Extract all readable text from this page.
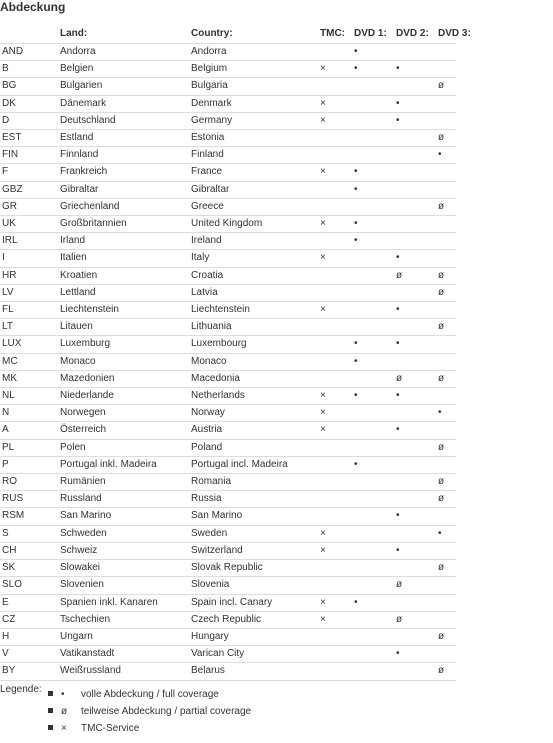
Abdeckung
	Land:	Country:	TMC:	DVD 1:	DVD 2:	DVD 3:
AND	Andorra	Andorra		•		
B	Belgien	Belgium	×	•	•	
BG	Bulgarien	Bulgaria				ø
DK	Dänemark	Denmark	×		•	
D	Deutschland	Germany	×		•	
EST	Estland	Estonia				ø
FIN	Finnland	Finland				•
F	Frankreich	France	×	•		
GBZ	Gibraltar	Gibraltar		•		
GR	Griechenland	Greece				ø
UK	Großbritannien	United Kingdom	×	•		
IRL	Irland	Ireland		•		
I	Italien	Italy	×		•	
HR	Kroatien	Croatia			ø	ø
LV	Lettland	Latvia				ø
FL	Liechtenstein	Liechtenstein	×		•	
LT	Litauen	Lithuania				ø
LUX	Luxemburg	Luxembourg		•	•	
MC	Monaco	Monaco		•		
MK	Mazedonien	Macedonia			ø	ø
NL	Niederlande	Netherlands	×	•	•	
N	Norwegen	Norway	×			•
A	Österreich	Austria	×		•	
PL	Polen	Poland				ø
P	Portugal inkl. Madeira	Portugal incl. Madeira		•		
RO	Rumänien	Romania				ø
RUS	Russland	Russia				ø
RSM	San Marino	San Marino			•	
S	Schweden	Sweden	×			•
CH	Schweiz	Switzerland	×		•	
SK	Slowakei	Slovak Republic				ø
SLO	Slovenien	Slovenia			ø	
E	Spanien inkl. Kanaren	Spain incl. Canary	×	•		
CZ	Tschechien	Czech Republic	×		ø	
H	Ungarn	Hungary				ø
V	Vatikanstadt	Varican City			•	
BY	Weißrussland	Belarus				ø
Legende:	• volle Abdeckung / full coverage
ø teilweise Abdeckung / partial coverage
× TMC-Service
